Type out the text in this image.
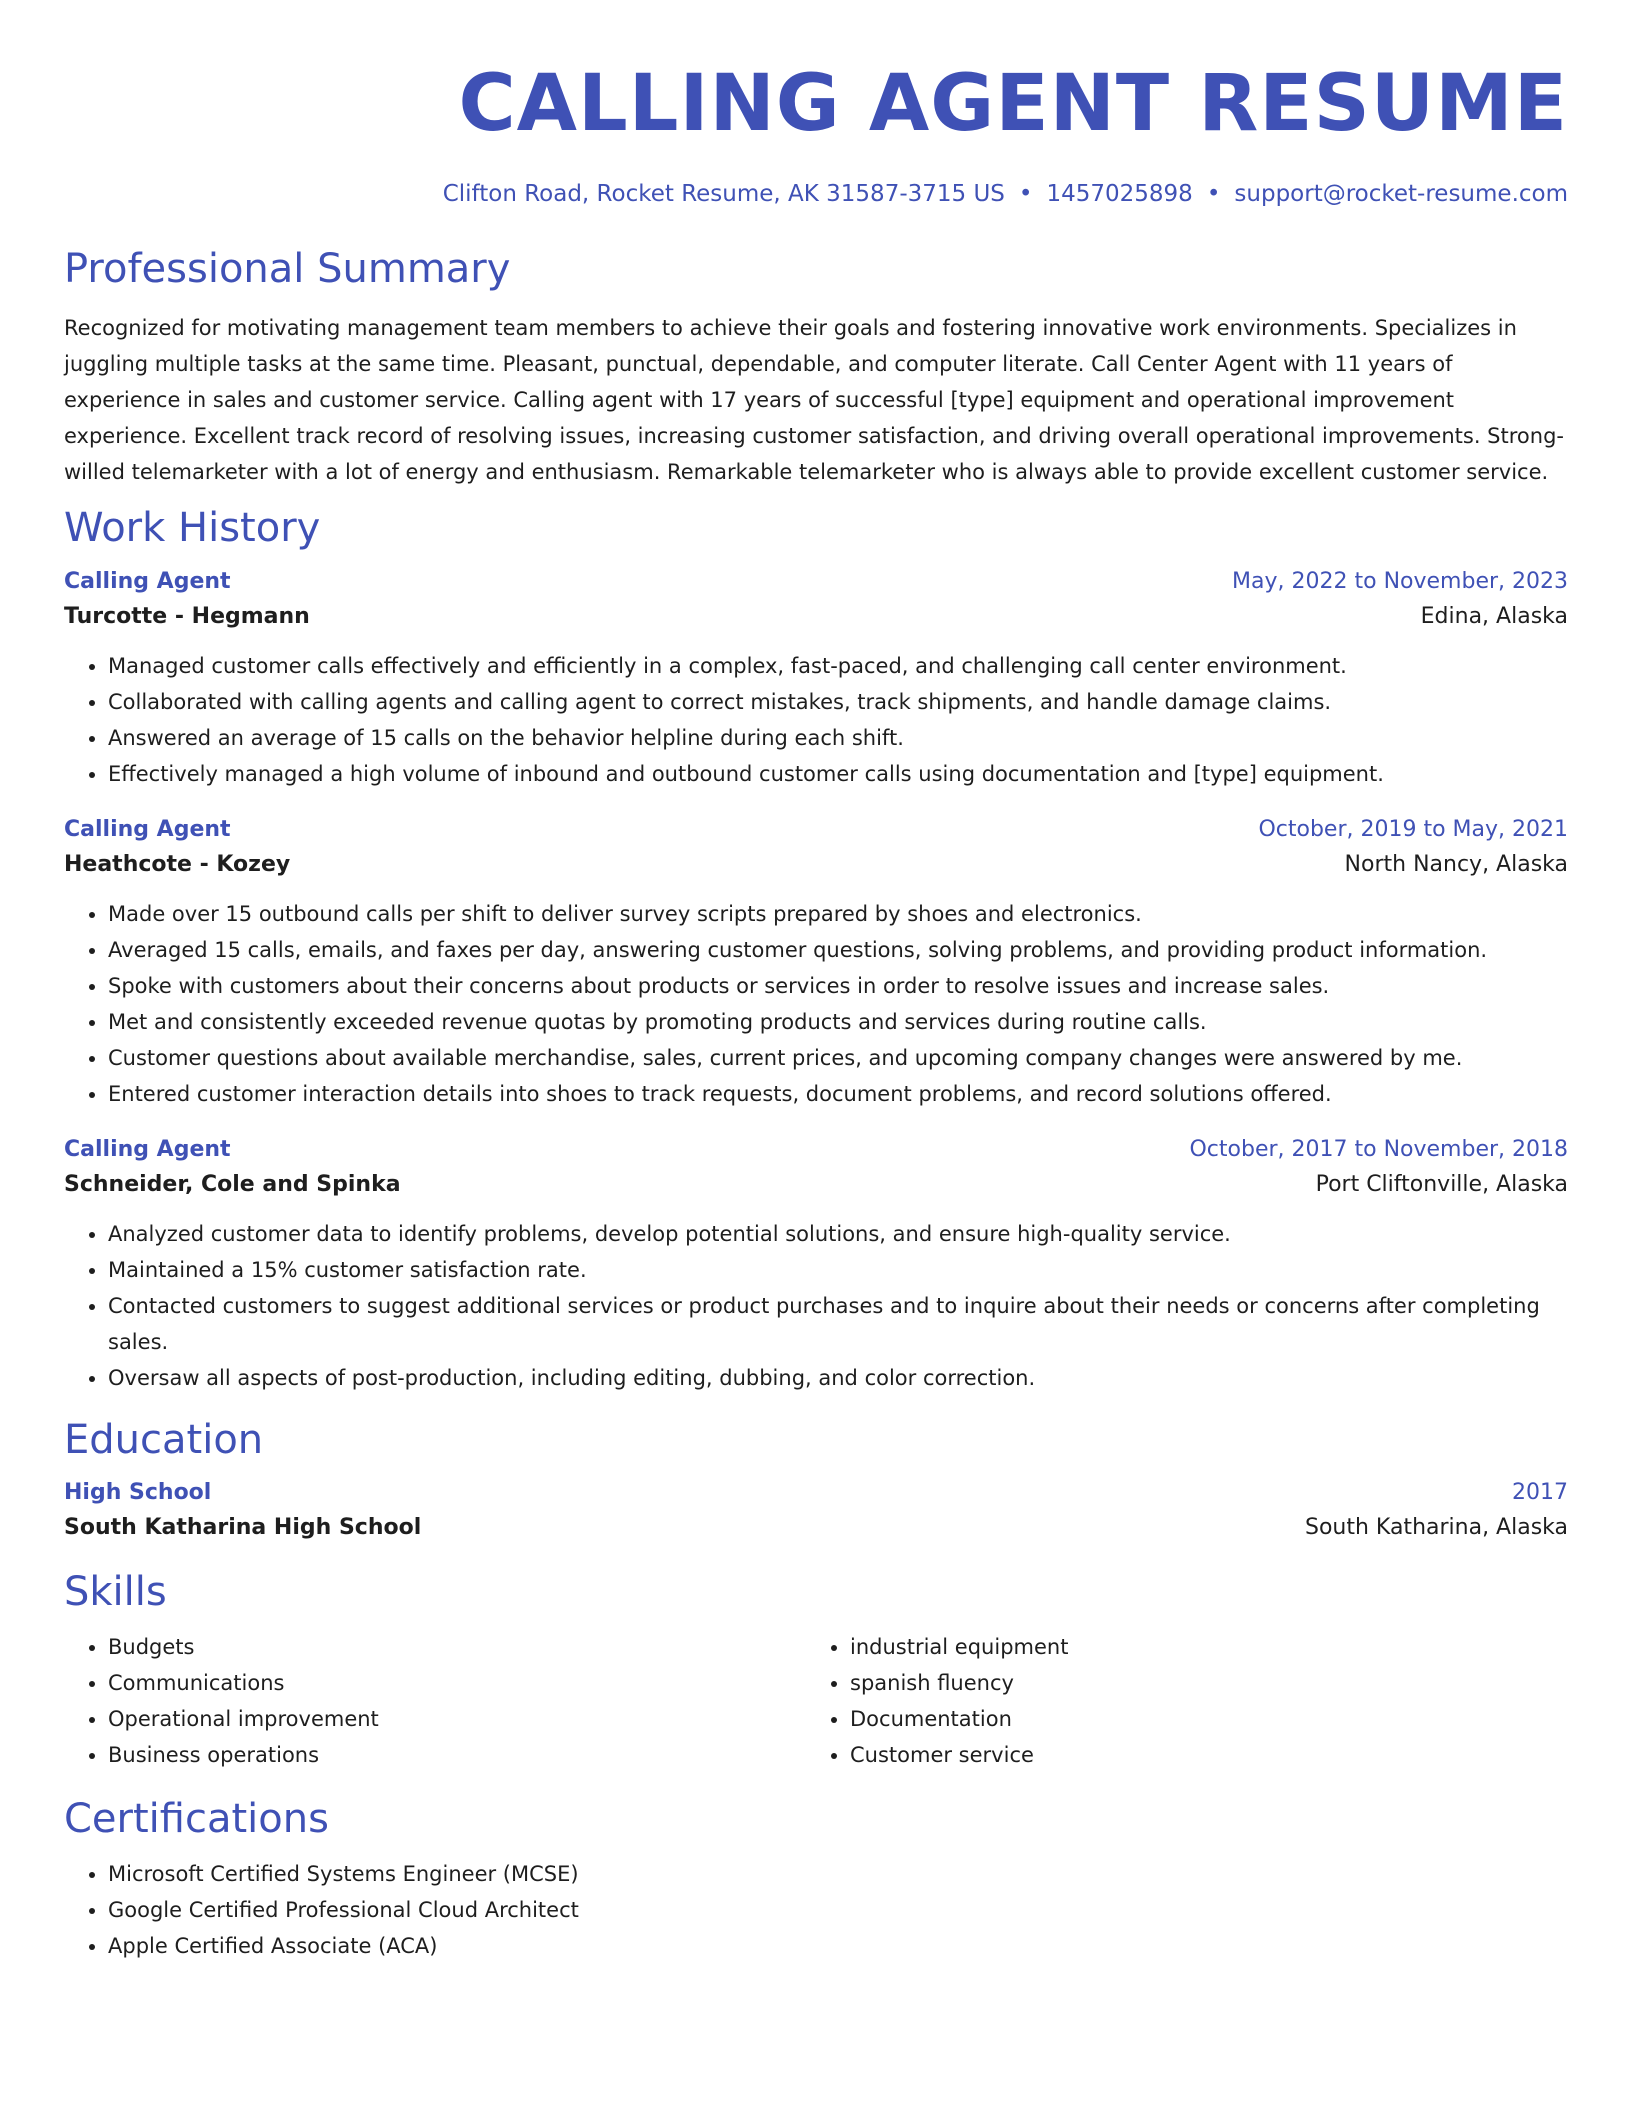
CALLING AGENT RESUME
Clifton Road, Rocket Resume, AK 31587-3715 US • 1457025898 • support@rocket-resume.com
Professional Summary

Recognized for motivating management team members to achieve their goals and fostering innovative work environments. Specializes in juggling multiple tasks at the same time. Pleasant, punctual, dependable, and computer literate. Call Center Agent with 11 years of experience in sales and customer service. Calling agent with 17 years of successful [type] equipment and operational improvement experience. Excellent track record of resolving issues, increasing customer satisfaction, and driving overall operational improvements. Strong-willed telemarketer with a lot of energy and enthusiasm. Remarkable telemarketer who is always able to provide excellent customer service.

Work History
Calling Agent	May, 2022 to November, 2023
Turcotte - Hegmann	Edina, Alaska
• Managed customer calls effectively and efficiently in a complex, fast-paced, and challenging call center environment.
• Collaborated with calling agents and calling agent to correct mistakes, track shipments, and handle damage claims.
• Answered an average of 15 calls on the behavior helpline during each shift.
• Effectively managed a high volume of inbound and outbound customer calls using documentation and [type] equipment.
Calling Agent	October, 2019 to May, 2021
Heathcote - Kozey	North Nancy, Alaska
• Made over 15 outbound calls per shift to deliver survey scripts prepared by shoes and electronics.
• Averaged 15 calls, emails, and faxes per day, answering customer questions, solving problems, and providing product information.
• Spoke with customers about their concerns about products or services in order to resolve issues and increase sales.
• Met and consistently exceeded revenue quotas by promoting products and services during routine calls.
• Customer questions about available merchandise, sales, current prices, and upcoming company changes were answered by me.
• Entered customer interaction details into shoes to track requests, document problems, and record solutions offered.
Calling Agent	October, 2017 to November, 2018
Schneider, Cole and Spinka	Port Cliftonville, Alaska
• Analyzed customer data to identify problems, develop potential solutions, and ensure high-quality service.
• Maintained a 15% customer satisfaction rate.
• Contacted customers to suggest additional services or product purchases and to inquire about their needs or concerns after completing sales.
• Oversaw all aspects of post-production, including editing, dubbing, and color correction.
Education
High School	2017
South Katharina High School	South Katharina, Alaska
Skills
• Budgets
• Communications
• Operational improvement
• Business operations
• industrial equipment
• spanish fluency
• Documentation
• Customer service
Certifications
• Microsoft Certified Systems Engineer (MCSE)
• Google Certified Professional Cloud Architect
• Apple Certified Associate (ACA)
